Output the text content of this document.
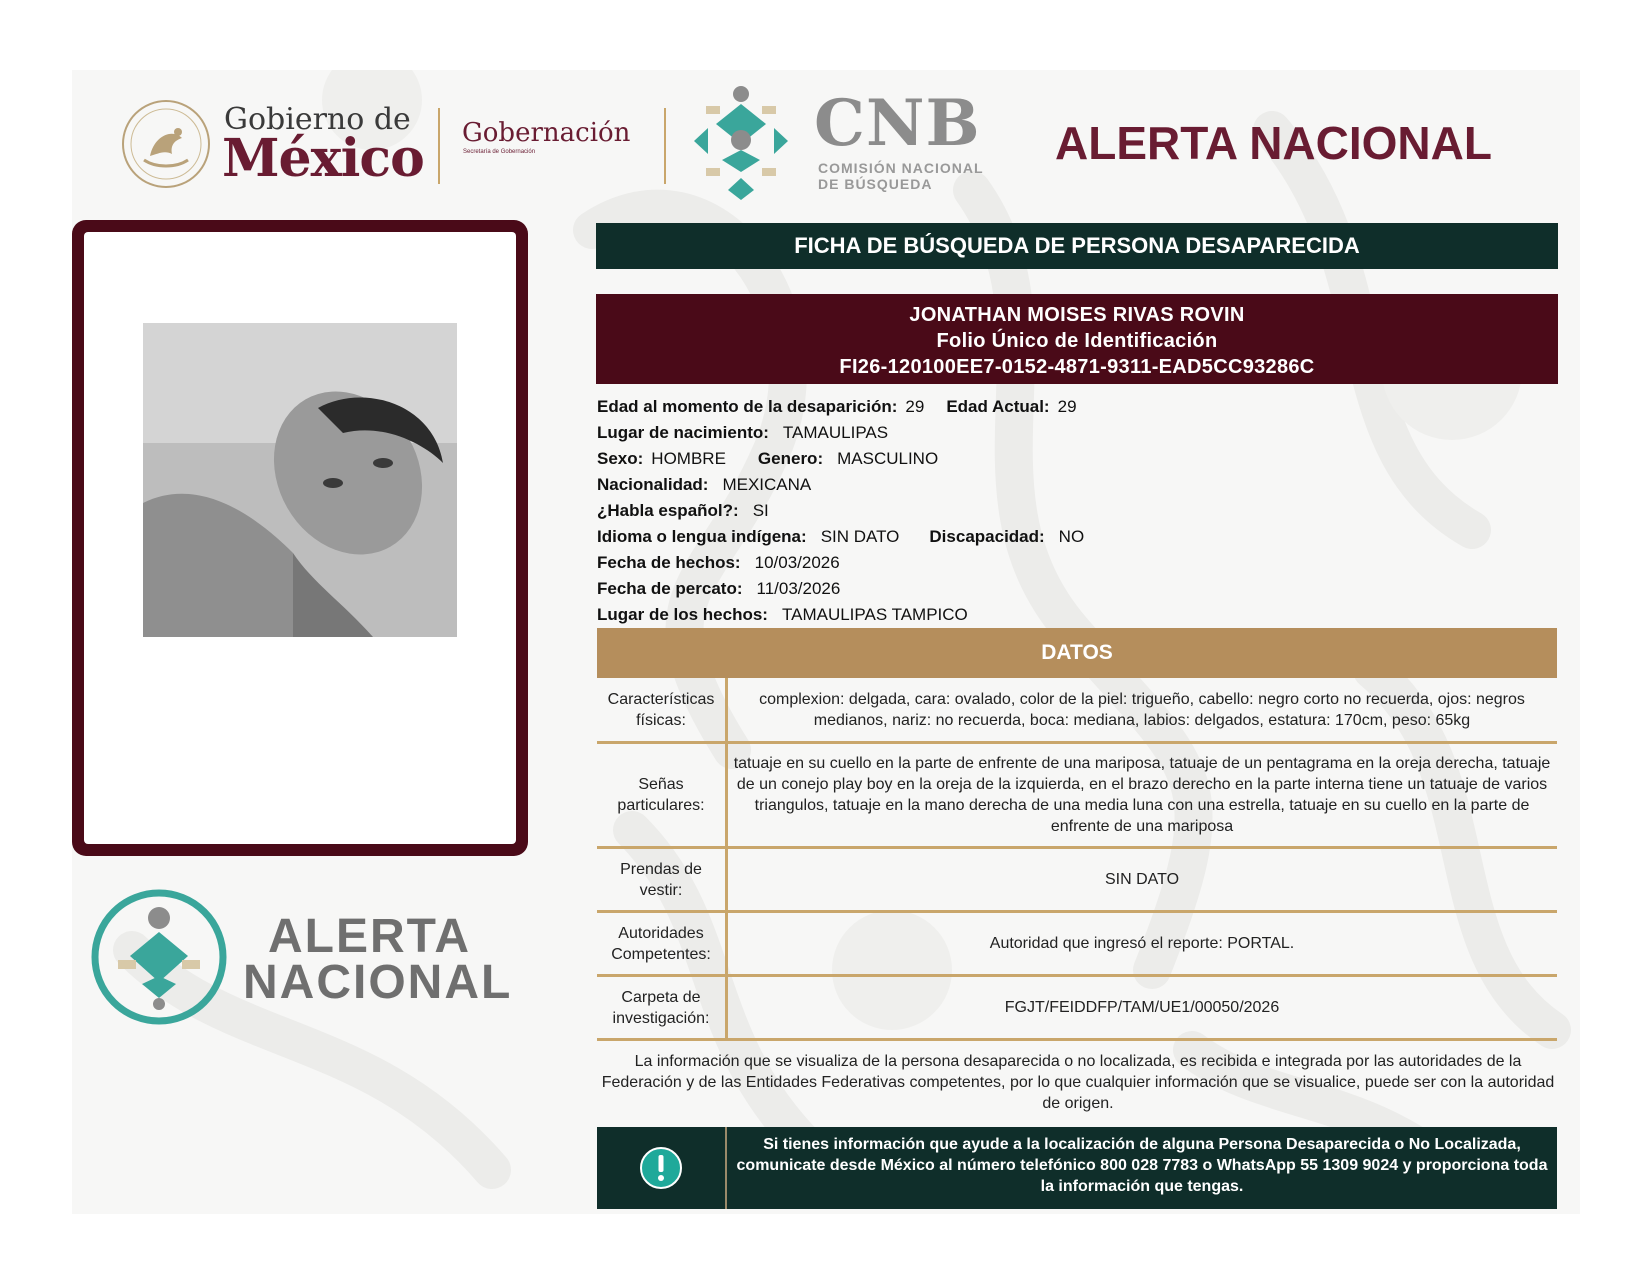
Gobierno de
México Gobernación
Secretaría de Gobernación	CNB
COMISIÓN NACIONAL
DE BÚSQUEDA
ALERTA NACIONAL
ALERTA
NACIONAL
FICHA DE BÚSQUEDA DE PERSONA DESAPARECIDA
JONATHAN MOISES RIVAS ROVIN
Folio Único de Identificación
FI26-120100EE7-0152-4871-9311-EAD5CC93286C
Edad al momento de la desaparición: 29 Edad Actual: 29
Lugar de nacimiento: TAMAULIPAS
Sexo: HOMBRE Genero: MASCULINO
Nacionalidad: MEXICANA
¿Habla español?: SI
Idioma o lengua indígena: SIN DATO Discapacidad: NO
Fecha de hechos: 10/03/2026
Fecha de percato: 11/03/2026
Lugar de los hechos: TAMAULIPAS TAMPICO
DATOS
Características físicas:
complexion: delgada, cara: ovalado, color de la piel: trigueño, cabello: negro corto no recuerda, ojos: negros medianos, nariz: no recuerda, boca: mediana, labios: delgados, estatura: 170cm, peso: 65kg
Señas particulares:
tatuaje en su cuello en la parte de enfrente de una mariposa, tatuaje de un pentagrama en la oreja derecha, tatuaje de un conejo play boy en la oreja de la izquierda, en el brazo derecho en la parte interna tiene un tatuaje de varios triangulos, tatuaje en la mano derecha de una media luna con una estrella, tatuaje en su cuello en la parte de enfrente de una mariposa
Prendas de vestir:
SIN DATO
Autoridades Competentes:
Autoridad que ingresó el reporte: PORTAL.
Carpeta de investigación:
FGJT/FEIDDFP/TAM/UE1/00050/2026
La información que se visualiza de la persona desaparecida o no localizada, es recibida e integrada por las autoridades de la Federación y de las Entidades Federativas competentes, por lo que cualquier información que se visualice, puede ser con la autoridad de origen.
Si tienes información que ayude a la localización de alguna Persona Desaparecida o No Localizada, comunicate desde México al número telefónico 800 028 7783 o WhatsApp 55 1309 9024 y proporciona toda la información que tengas.
